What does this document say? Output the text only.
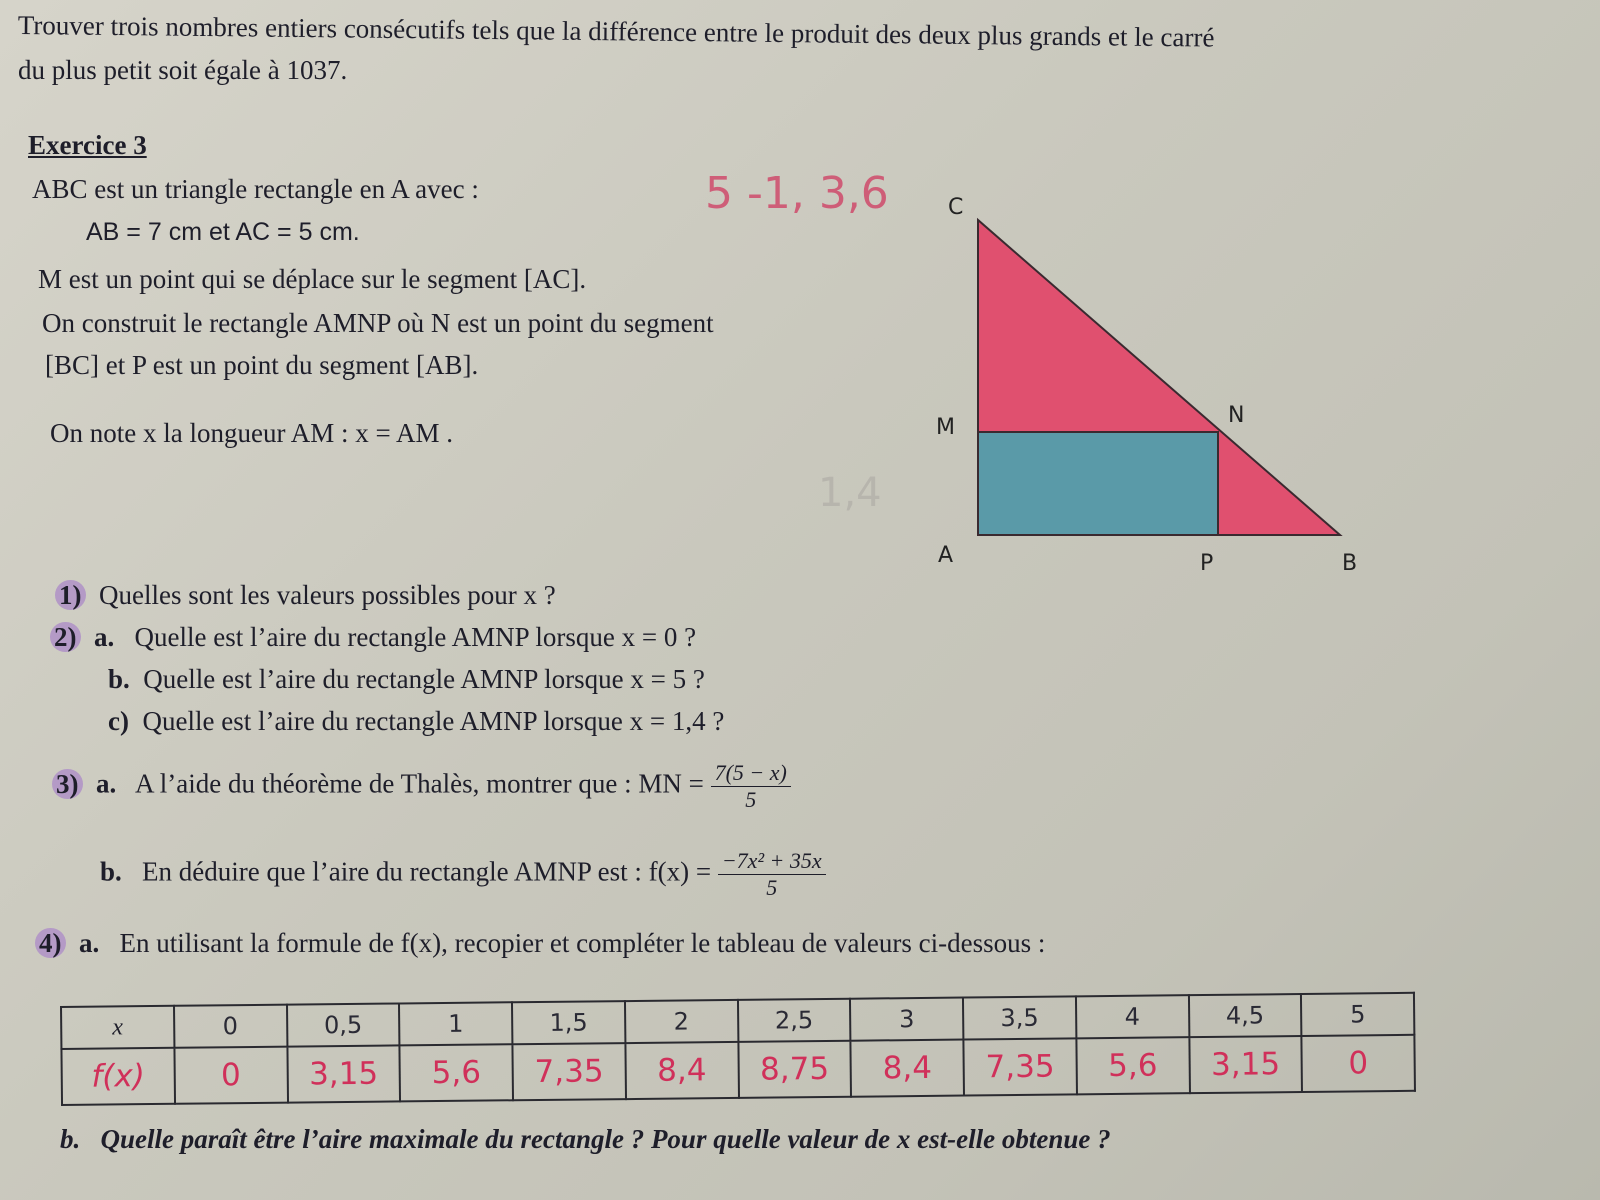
Trouver trois nombres entiers consécutifs tels que la différence entre le produit des deux plus grands et le carré
du plus petit soit égale à 1037.
Exercice 3
ABC est un triangle rectangle en A avec :
AB = 7 cm et AC = 5 cm.
M est un point qui se déplace sur le segment [AC].
On construit le rectangle AMNP où N est un point du segment
[BC] et P est un point du segment [AB].
On note x la longueur AM : x = AM .
5 -1, 3,6
1,4
C
M	N
A	P	B
1) Quelles sont les valeurs possibles pour x ?
2) a. Quelle est l’aire du rectangle AMNP lorsque x = 0 ?
b. Quelle est l’aire du rectangle AMNP lorsque x = 5 ?
c) Quelle est l’aire du rectangle AMNP lorsque x = 1,4 ?
3) a. A l’aide du théorème de Thalès, montrer que : MN = $\frac{7(5 - x)}{5}$
b. En déduire que l’aire du rectangle AMNP est : $f(x) = \frac{\text{−7x² + 35x}}{5}$
4) a. En utilisant la formule de f(x), recopier et compléter le tableau de valeurs ci-dessous :
x	0	0,5	1	1,5	2	2,5	3	3,5	4	4,5	5
f(x)	0	3,15	5,6	7,35	8,4	8,75	8,4	7,35	5,6	3,15	0
b. Quelle paraît être l’aire maximale du rectangle ? Pour quelle valeur de x est-elle obtenue ?
